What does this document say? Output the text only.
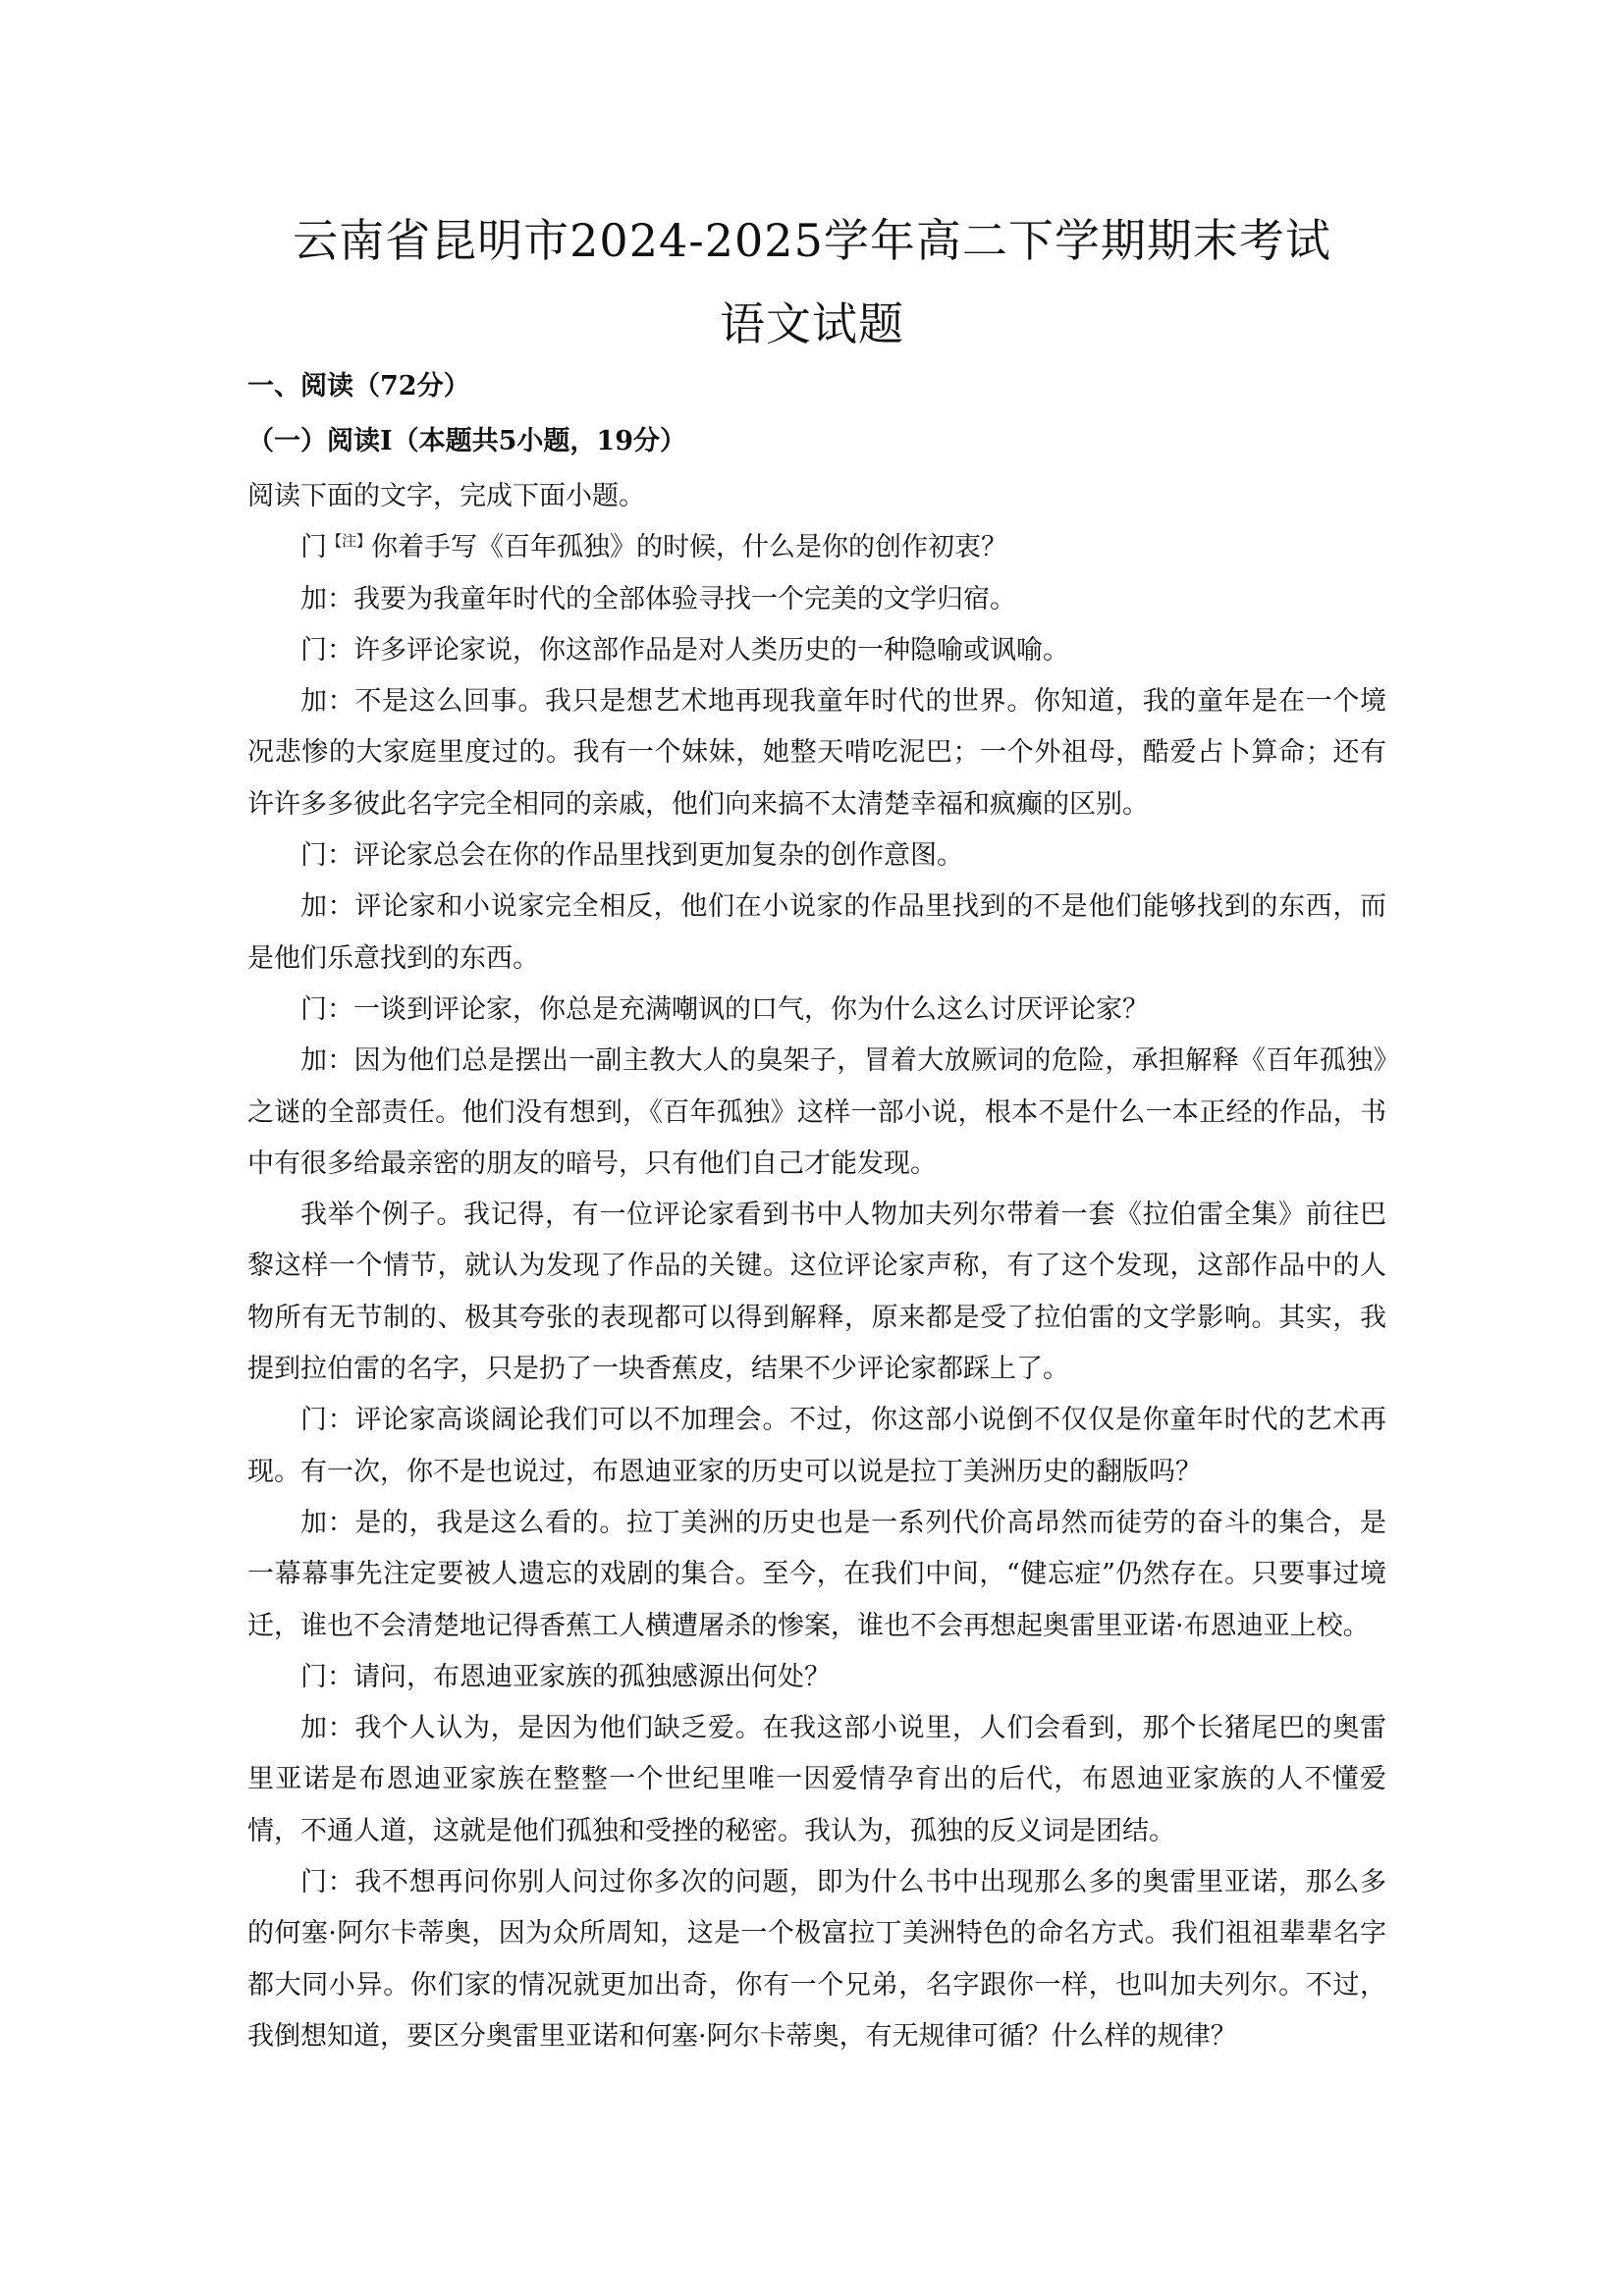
云南省昆明市2024-2025学年高二下学期期末考试
语文试题
一、阅读（72分）
（一）阅读Ⅰ（本题共5小题，19分）

阅读下面的文字，完成下面小题。

门$^{【注】}$你着手写《百年孤独》的时候，什么是你的创作初衷？

加：我要为我童年时代的全部体验寻找一个完美的文学归宿。

门：许多评论家说，你这部作品是对人类历史的一种隐喻或讽喻。

加：不是这么回事。我只是想艺术地再现我童年时代的世界。你知道，我的童年是在一个境况悲惨的大家庭里度过的。我有一个妹妹，她整天啃吃泥巴；一个外祖母，酷爱占卜算命；还有许许多多彼此名字完全相同的亲戚，他们向来搞不太清楚幸福和疯癫的区别。

门：评论家总会在你的作品里找到更加复杂的创作意图。

加：评论家和小说家完全相反，他们在小说家的作品里找到的不是他们能够找到的东西，而是他们乐意找到的东西。

门：一谈到评论家，你总是充满嘲讽的口气，你为什么这么讨厌评论家？

加：因为他们总是摆出一副主教大人的臭架子，冒着大放厥词的危险，承担解释《百年孤独》之谜的全部责任。他们没有想到，《百年孤独》这样一部小说，根本不是什么一本正经的作品，书中有很多给最亲密的朋友的暗号，只有他们自己才能发现。

我举个例子。我记得，有一位评论家看到书中人物加夫列尔带着一套《拉伯雷全集》前往巴黎这样一个情节，就认为发现了作品的关键。这位评论家声称，有了这个发现，这部作品中的人物所有无节制的、极其夸张的表现都可以得到解释，原来都是受了拉伯雷的文学影响。其实，我提到拉伯雷的名字，只是扔了一块香蕉皮，结果不少评论家都踩上了。

门：评论家高谈阔论我们可以不加理会。不过，你这部小说倒不仅仅是你童年时代的艺术再现。有一次，你不是也说过，布恩迪亚家的历史可以说是拉丁美洲历史的翻版吗？

加：是的，我是这么看的。拉丁美洲的历史也是一系列代价高昂然而徒劳的奋斗的集合，是一幕幕事先注定要被人遗忘的戏剧的集合。至今，在我们中间，“健忘症”仍然存在。只要事过境迁，谁也不会清楚地记得香蕉工人横遭屠杀的惨案，谁也不会再想起奥雷里亚诺·布恩迪亚上校。

门：请问，布恩迪亚家族的孤独感源出何处？

加：我个人认为，是因为他们缺乏爱。在我这部小说里，人们会看到，那个长猪尾巴的奥雷里亚诺是布恩迪亚家族在整整一个世纪里唯一因爱情孕育出的后代，布恩迪亚家族的人不懂爱情，不通人道，这就是他们孤独和受挫的秘密。我认为，孤独的反义词是团结。

门：我不想再问你别人问过你多次的问题，即为什么书中出现那么多的奥雷里亚诺，那么多的何塞·阿尔卡蒂奥，因为众所周知，这是一个极富拉丁美洲特色的命名方式。我们祖祖辈辈名字都大同小异。你们家的情况就更加出奇，你有一个兄弟，名字跟你一样，也叫加夫列尔。不过，我倒想知道，要区分奥雷里亚诺和何塞·阿尔卡蒂奥，有无规律可循？什么样的规律？
